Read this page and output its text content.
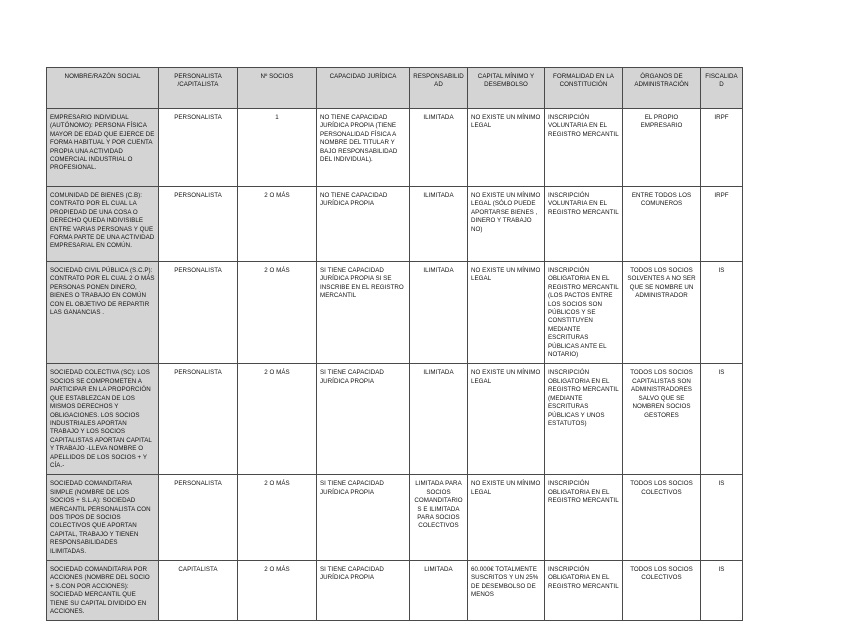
NOMBRE/RAZÓN SOCIAL	PERSONALISTA /CAPITALISTA	Nº SOCIOS	CAPACIDAD JURÍDICA	RESPONSABILIDAD	CAPITAL MÍNIMO Y DESEMBOLSO	FORMALIDAD EN LA CONSTITUCIÓN	ÓRGANOS DE ADMINISTRACIÓN	FISCALIDAD
EMPRESARIO INDIVIDUAL (AUTÓNOMO): PERSONA FÍSICA MAYOR DE EDAD QUE EJERCE DE FORMA HABITUAL Y POR CUENTA PROPIA UNA ACTIVIDAD COMERCIAL INDUSTRIAL O PROFESIONAL.	PERSONALISTA	1	NO TIENE CAPACIDAD JURÍDICA PROPIA (TIENE PERSONALIDAD FÍSICA A NOMBRE DEL TITULAR Y BAJO RESPONSABILIDAD DEL INDIVIDUAL).	ILIMITADA	NO EXISTE UN MÍNIMO LEGAL	INSCRIPCIÓN VOLUNTARIA EN EL REGISTRO MERCANTIL	EL PROPIO EMPRESARIO	IRPF
COMUNIDAD DE BIENES (C.B): CONTRATO POR EL CUAL LA PROPIEDAD DE UNA COSA O DERECHO QUEDA INDIVISIBLE ENTRE VARIAS PERSONAS Y QUE FORMA PARTE DE UNA ACTIVIDAD EMPRESARIAL EN COMÚN.	PERSONALISTA	2 O MÁS	NO TIENE CAPACIDAD JURÍDICA PROPIA	ILIMITADA	NO EXISTE UN MÍNIMO LEGAL (SÓLO PUEDE APORTARSE BIENES , DINERO Y TRABAJO NO)	INSCRIPCIÓN VOLUNTARIA EN EL REGISTRO MERCANTIL	ENTRE TODOS LOS COMUNEROS	IRPF
SOCIEDAD CIVIL PÚBLICA (S.C.P): CONTRATO POR EL CUAL 2 O MÁS PERSONAS PONEN DINERO, BIENES O TRABAJO EN COMÚN CON EL OBJETIVO DE REPARTIR LAS GANANCIAS .	PERSONALISTA	2 O MÁS	SI TIENE CAPACIDAD JURÍDICA PROPIA SI SE INSCRIBE EN EL REGISTRO MERCANTIL	ILIMITADA	NO EXISTE UN MÍNIMO LEGAL	INSCRIPCIÓN OBLIGATORIA EN EL REGISTRO MERCANTIL (LOS PACTOS ENTRE LOS SOCIOS SON PÚBLICOS Y SE CONSTITUYEN MEDIANTE ESCRITURAS PÚBLICAS ANTE EL NOTARIO)	TODOS LOS SOCIOS SOLVENTES A NO SER QUE SE NOMBRE UN ADMINISTRADOR	IS
SOCIEDAD COLECTIVA (SC): LOS SOCIOS SE COMPROMETEN A PARTICIPAR EN LA PROPORCIÓN QUE ESTABLEZCAN DE LOS MISMOS DERECHOS Y OBLIGACIONES. LOS SOCIOS INDUSTRIALES APORTAN TRABAJO Y LOS SOCIOS CAPITALISTAS APORTAN CAPITAL Y TRABAJO -LLEVA NOMBRE O APELLIDOS DE LOS SOCIOS + Y CÍA.-	PERSONALISTA	2 O MÁS	SI TIENE CAPACIDAD JURÍDICA PROPIA	ILIMITADA	NO EXISTE UN MÍNIMO LEGAL	INSCRIPCIÓN OBLIGATORIA EN EL REGISTRO MERCANTIL (MEDIANTE ESCRITURAS PÚBLICAS Y UNOS ESTATUTOS)	TODOS LOS SOCIOS CAPITALISTAS SON ADMINISTRADORES SALVO QUE SE NOMBREN SOCIOS GESTORES	IS
SOCIEDAD COMANDITARIA SIMPLE (NOMBRE DE LOS SOCIOS + S.L.A): SOCIEDAD MERCANTIL PERSONALISTA CON DOS TIPOS DE SOCIOS COLECTIVOS QUE APORTAN CAPITAL, TRABAJO Y TIENEN RESPONSABILIDADES ILIMITADAS.	PERSONALISTA	2 O MÁS	SI TIENE CAPACIDAD JURÍDICA PROPIA	LIMITADA PARA SOCIOS COMANDITARIOS E ILIMITADA PARA SOCIOS COLECTIVOS	NO EXISTE UN MÍNIMO LEGAL	INSCRIPCIÓN OBLIGATORIA EN EL REGISTRO MERCANTIL	TODOS LOS SOCIOS COLECTIVOS	IS
SOCIEDAD COMANDITARIA POR ACCIONES (NOMBRE DEL SOCIO + S.CON POR ACCIONES): SOCIEDAD MERCANTIL QUE TIENE SU CAPITAL DIVIDIDO EN ACCIONES.	CAPITALISTA	2 O MÁS	SI TIENE CAPACIDAD JURÍDICA PROPIA	LIMITADA	60.000€ TOTALMENTE SUSCRITOS Y UN 25% DE DESEMBOLSO DE MENOS	INSCRIPCIÓN OBLIGATORIA EN EL REGISTRO MERCANTIL	TODOS LOS SOCIOS COLECTIVOS	IS
